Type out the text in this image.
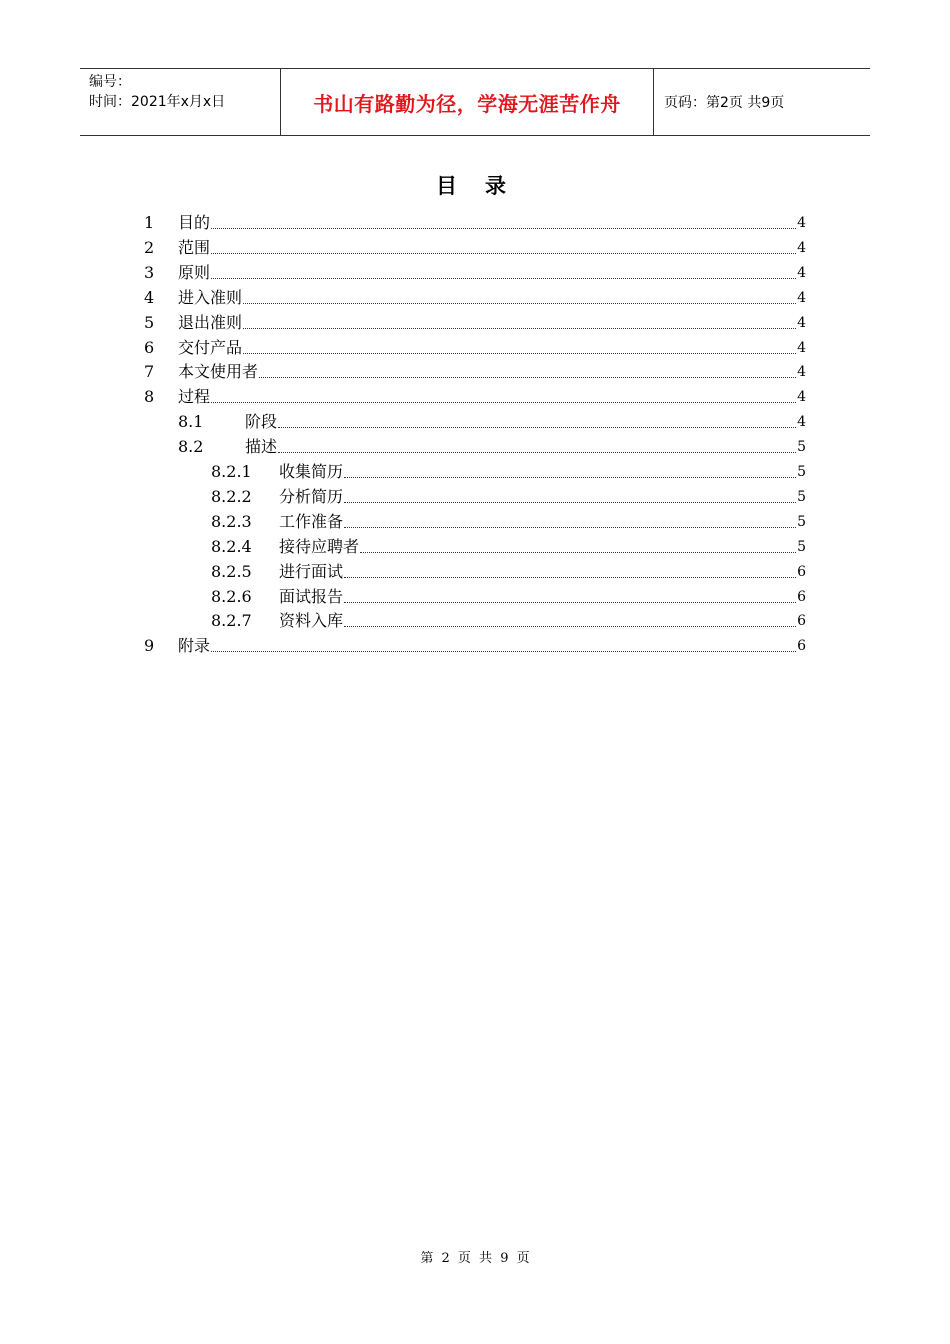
编号：
时间：2021年x月x日	书山有路勤为径，学海无涯苦作舟	页码：第2页 共9页
目录
1	目的	4
2	范围	4
3	原则	4
4	进入准则	4
5	退出准则	4
6	交付产品	4
7	本文使用者	4
8	过程	4
8.1	阶段	4
8.2	描述	5
8.2.1	收集简历	5
8.2.2	分析简历	5
8.2.3	工作准备	5
8.2.4	接待应聘者	5
8.2.5	进行面试	6
8.2.6	面试报告	6
8.2.7	资料入库	6
9	附录	6
第 2 页 共 9 页
